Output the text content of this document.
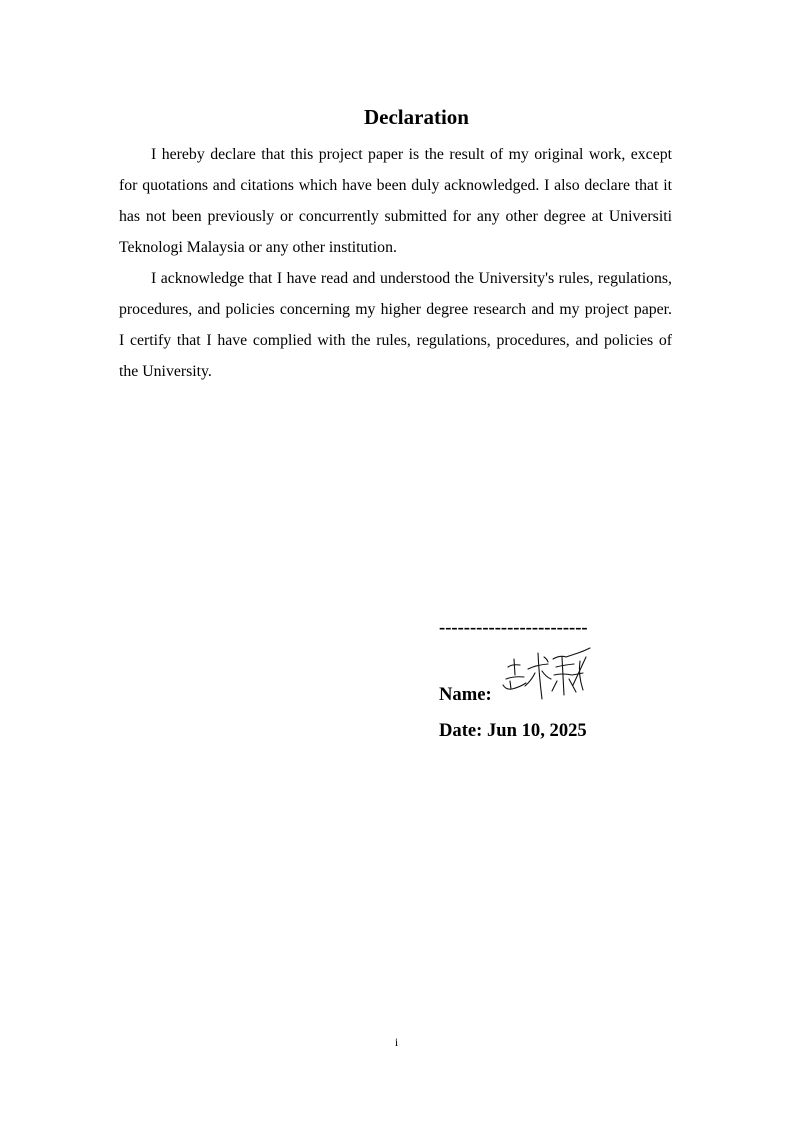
Declaration
I hereby declare that this project paper is the result of my original work, except
for quotations and citations which have been duly acknowledged. I also declare that it
has not been previously or concurrently submitted for any other degree at Universiti
Teknologi Malaysia or any other institution.
I acknowledge that I have read and understood the University's rules, regulations,
procedures, and policies concerning my higher degree research and my project paper.
I certify that I have complied with the rules, regulations, procedures, and policies of
the University.
------------------------
Name:
Date: Jun 10, 2025
i
